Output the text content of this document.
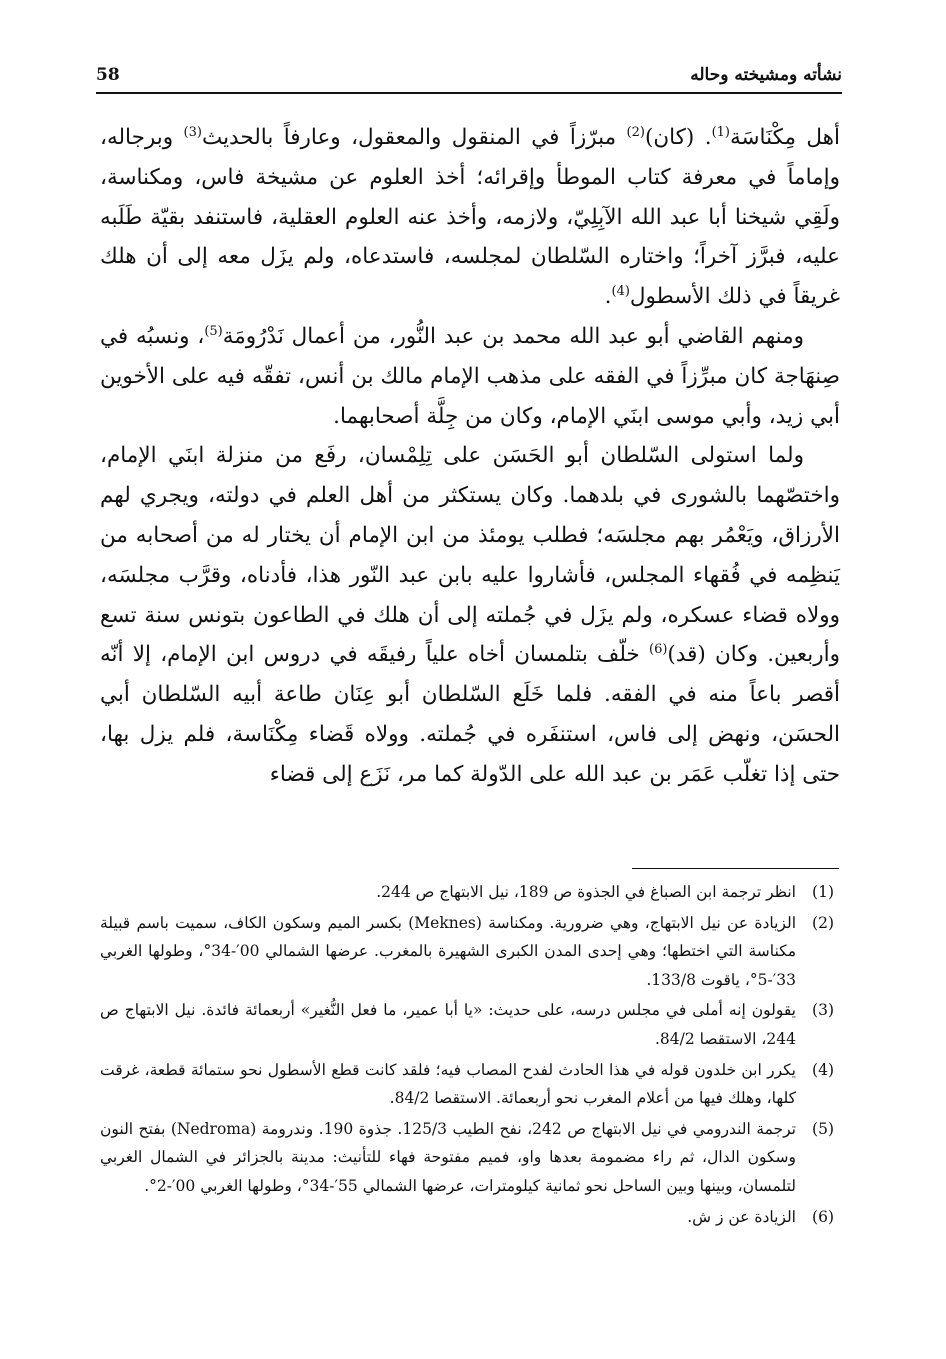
58	نشأته ومشيخته وحاله

أهل مِكْنَاسَة$^{(1)}$. (كان)$^{(2)}$ مبرّزاً في المنقول والمعقول، وعارفاً بالحديث$^{(3)}$ وبرجاله، وإماماً في معرفة كتاب الموطأ وإقرائه؛ أخذ العلوم عن مشيخة فاس، ومكناسة، ولَقِي شيخنا أبا عبد الله الآبِلِيّ، ولازمه، وأخذ عنه العلوم العقلية، فاستنفد بقيّة طَلَبه عليه، فبرَّز آخراً؛ واختاره السّلطان لمجلسه، فاستدعاه، ولم يزَل معه إلى أن هلك غريقاً في ذلك الأسطول$^{(4)}$.

ومنهم القاضي أبو عبد الله محمد بن عبد النُّور، من أعمال نَدْرُومَة$^{(5)}$، ونسبُه في صِنهَاجة كان مبرِّزاً في الفقه على مذهب الإمام مالك بن أنس، تفقّه فيه على الأخوين أبي زيد، وأبي موسى ابنَي الإمام، وكان من جِلَّة أصحابهما.

ولما استولى السّلطان أبو الحَسَن على تِلِمْسان، رفَع من منزلة ابنَي الإمام، واختصّهما بالشورى في بلدهما. وكان يستكثر من أهل العلم في دولته، ويجري لهم الأرزاق، ويَعْمُر بهم مجلسَه؛ فطلب يومئذ من ابن الإمام أن يختار له من أصحابه من يَنظِمه في فُقهاء المجلس، فأشاروا عليه بابن عبد النّور هذا، فأدناه، وقرَّب مجلسَه، وولاه قضاء عسكره، ولم يزَل في جُملته إلى أن هلك في الطاعون بتونس سنة تسع وأربعين. وكان (قد)$^{(6)}$ خلّف بتلمسان أخاه علياً رفيقَه في دروس ابن الإمام، إلا أنّه أقصر باعاً منه في الفقه. فلما خَلَع السّلطان أبو عِنَان طاعة أبيه السّلطان أبي الحسَن، ونهض إلى فاس، استنفَره في جُملته. وولاه قَضاء مِكْنَاسة، فلم يزل بها، حتى إذا تغلّب عَمَر بن عبد الله على الدّولة كما مر، نَزَع إلى قضاء

(1)
انظر ترجمة ابن الصباغ في الجذوة ص 189، نيل الابتهاج ص 244.
(2)
الزيادة عن نيل الابتهاج، وهي ضرورية. ومكناسة (Meknes) بكسر الميم وسكون الكاف، سميت باسم قبيلة مكناسة التي اختطها؛ وهي إحدى المدن الكبرى الشهيرة بالمغرب. عرضها الشمالي 00′-34°، وطولها الغربي 33′-5°، ياقوت 133/8.
(3)
يقولون إنه أملى في مجلس درسه، على حديث: «يا أبا عمير، ما فعل النُّغير» أربعمائة فائدة. نيل الابتهاج ص 244، الاستقصا 84/2.
(4)
يكرر ابن خلدون قوله في هذا الحادث لفدح المصاب فيه؛ فلقد كانت قطع الأسطول نحو ستمائة قطعة، غرقت كلها، وهلك فيها من أعلام المغرب نحو أربعمائة. الاستقصا 84/2.
(5)
ترجمة الندرومي في نيل الابتهاج ص 242، نفح الطيب 125/3. جذوة 190. وندرومة (Nedroma) بفتح النون وسكون الدال، ثم راء مضمومة بعدها واو، فميم مفتوحة فهاء للتأنيث: مدينة بالجزائر في الشمال الغربي لتلمسان، وبينها وبين الساحل نحو ثمانية كيلومترات، عرضها الشمالي 55′-34°، وطولها الغربي 00′-2°.
(6)
الزيادة عن ز ش.
